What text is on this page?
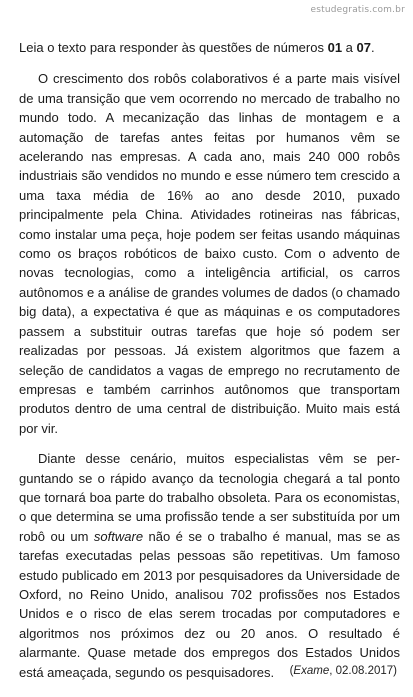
estudegratis.com.br

Leia o texto para responder às questões de números 01 a 07.

O crescimento dos robôs colaborativos é a parte mais visível de uma transição que vem ocorrendo no mercado de trabalho no mundo todo. A mecanização das linhas de montagem e a automação de tarefas antes feitas por humanos vêm se acelerando nas empresas. A cada ano, mais 240 000 robôs industriais são vendidos no mundo e esse número tem crescido a uma taxa média de 16% ao ano desde 2010, puxado principalmente pela China. Atividades rotineiras nas fábricas, como instalar uma peça, hoje podem ser feitas usando máquinas como os braços robóticos de baixo custo. Com o advento de novas tecnologias, como a inteligência artificial, os carros autônomos e a análise de grandes volumes de dados (o chamado big data), a expectativa é que as máquinas e os computadores passem a substituir outras tarefas que hoje só podem ser realizadas por pessoas. Já existem algoritmos que fazem a seleção de candidatos a vagas de emprego no recrutamento de empresas e também carrinhos autônomos que transportam produtos dentro de uma central de distribuição. Muito mais está por vir.

Diante desse cenário, muitos especialistas vêm se perguntando se o rápido avanço da tecnologia chegará a tal ponto que tornará boa parte do trabalho obsoleta. Para os economistas, o que determina se uma profissão tende a ser substituída por um robô ou um software não é se o trabalho é manual, mas se as tarefas executadas pelas pessoas são repetitivas. Um famoso estudo publicado em 2013 por pesquisadores da Universidade de Oxford, no Reino Unido, analisou 702 profissões nos Estados Unidos e o risco de elas serem trocadas por computadores e algoritmos nos próximos dez ou 20 anos. O resultado é alarmante. Quase metade dos empregos dos Estados Unidos está ameaçada, segundo os pesquisadores.	(Exame, 02.08.2017)
